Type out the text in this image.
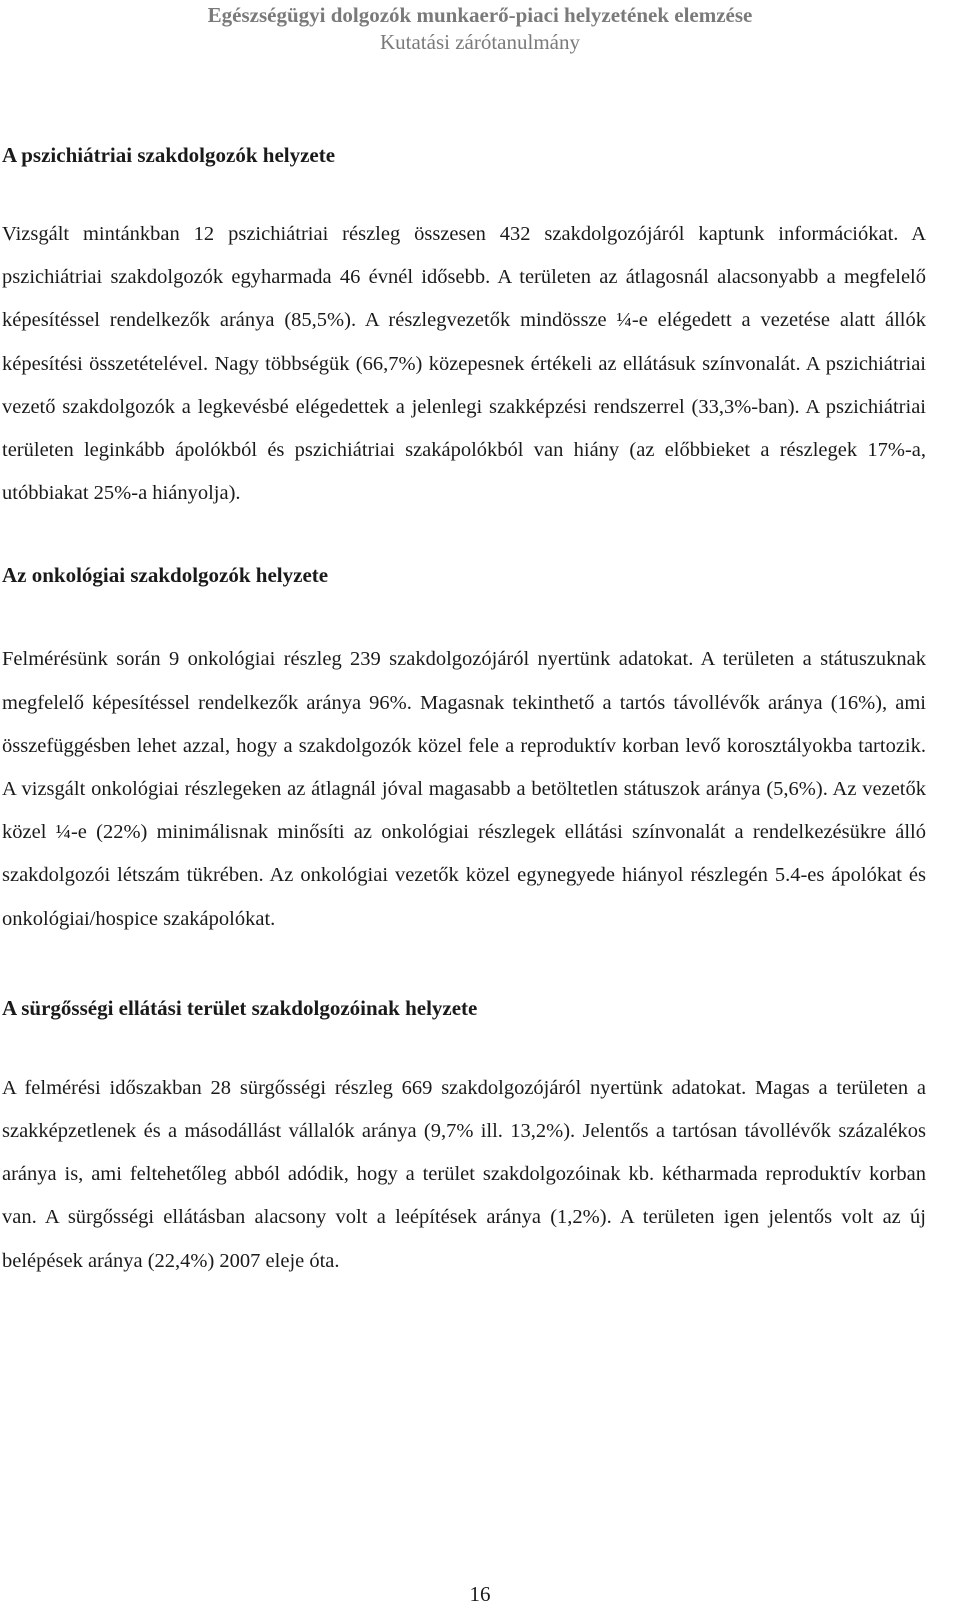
Egészségügyi dolgozók munkaerő-piaci helyzetének elemzése
Kutatási zárótanulmány
A pszichiátriai szakdolgozók helyzete

Vizsgált mintánkban 12 pszichiátriai részleg összesen 432 szakdolgozójáról kaptunk információkat. A pszichiátriai szakdolgozók egyharmada 46 évnél idősebb. A területen az átlagosnál alacsonyabb a megfelelő képesítéssel rendelkezők aránya (85,5%). A részlegvezetők mindössze ¼-e elégedett a vezetése alatt állók képesítési összetételével. Nagy többségük (66,7%) közepesnek értékeli az ellátásuk színvonalát. A pszichiátriai vezető szakdolgozók a legkevésbé elégedettek a jelenlegi szakképzési rendszerrel (33,3%-ban). A pszichiátriai területen leginkább ápolókból és pszichiátriai szakápolókból van hiány (az előbbieket a részlegek 17%-a, utóbbiakat 25%-a hiányolja).

Az onkológiai szakdolgozók helyzete

Felmérésünk során 9 onkológiai részleg 239 szakdolgozójáról nyertünk adatokat. A területen a státuszuknak megfelelő képesítéssel rendelkezők aránya 96%. Magasnak tekinthető a tartós távollévők aránya (16%), ami összefüggésben lehet azzal, hogy a szakdolgozók közel fele a reproduktív korban levő korosztályokba tartozik. A vizsgált onkológiai részlegeken az átlagnál jóval magasabb a betöltetlen státuszok aránya (5,6%). Az vezetők közel ¼-e (22%) minimálisnak minősíti az onkológiai részlegek ellátási színvonalát a rendelkezésükre álló szakdolgozói létszám tükrében. Az onkológiai vezetők közel egynegyede hiányol részlegén 5.4-es ápolókat és onkológiai/hospice szakápolókat.

A sürgősségi ellátási terület szakdolgozóinak helyzete

A felmérési időszakban 28 sürgősségi részleg 669 szakdolgozójáról nyertünk adatokat. Magas a területen a szakképzetlenek és a másodállást vállalók aránya (9,7% ill. 13,2%). Jelentős a tartósan távollévők százalékos aránya is, ami feltehetőleg abból adódik, hogy a terület szakdolgozóinak kb. kétharmada reproduktív korban van. A sürgősségi ellátásban alacsony volt a leépítések aránya (1,2%). A területen igen jelentős volt az új belépések aránya (22,4%) 2007 eleje óta.

16
